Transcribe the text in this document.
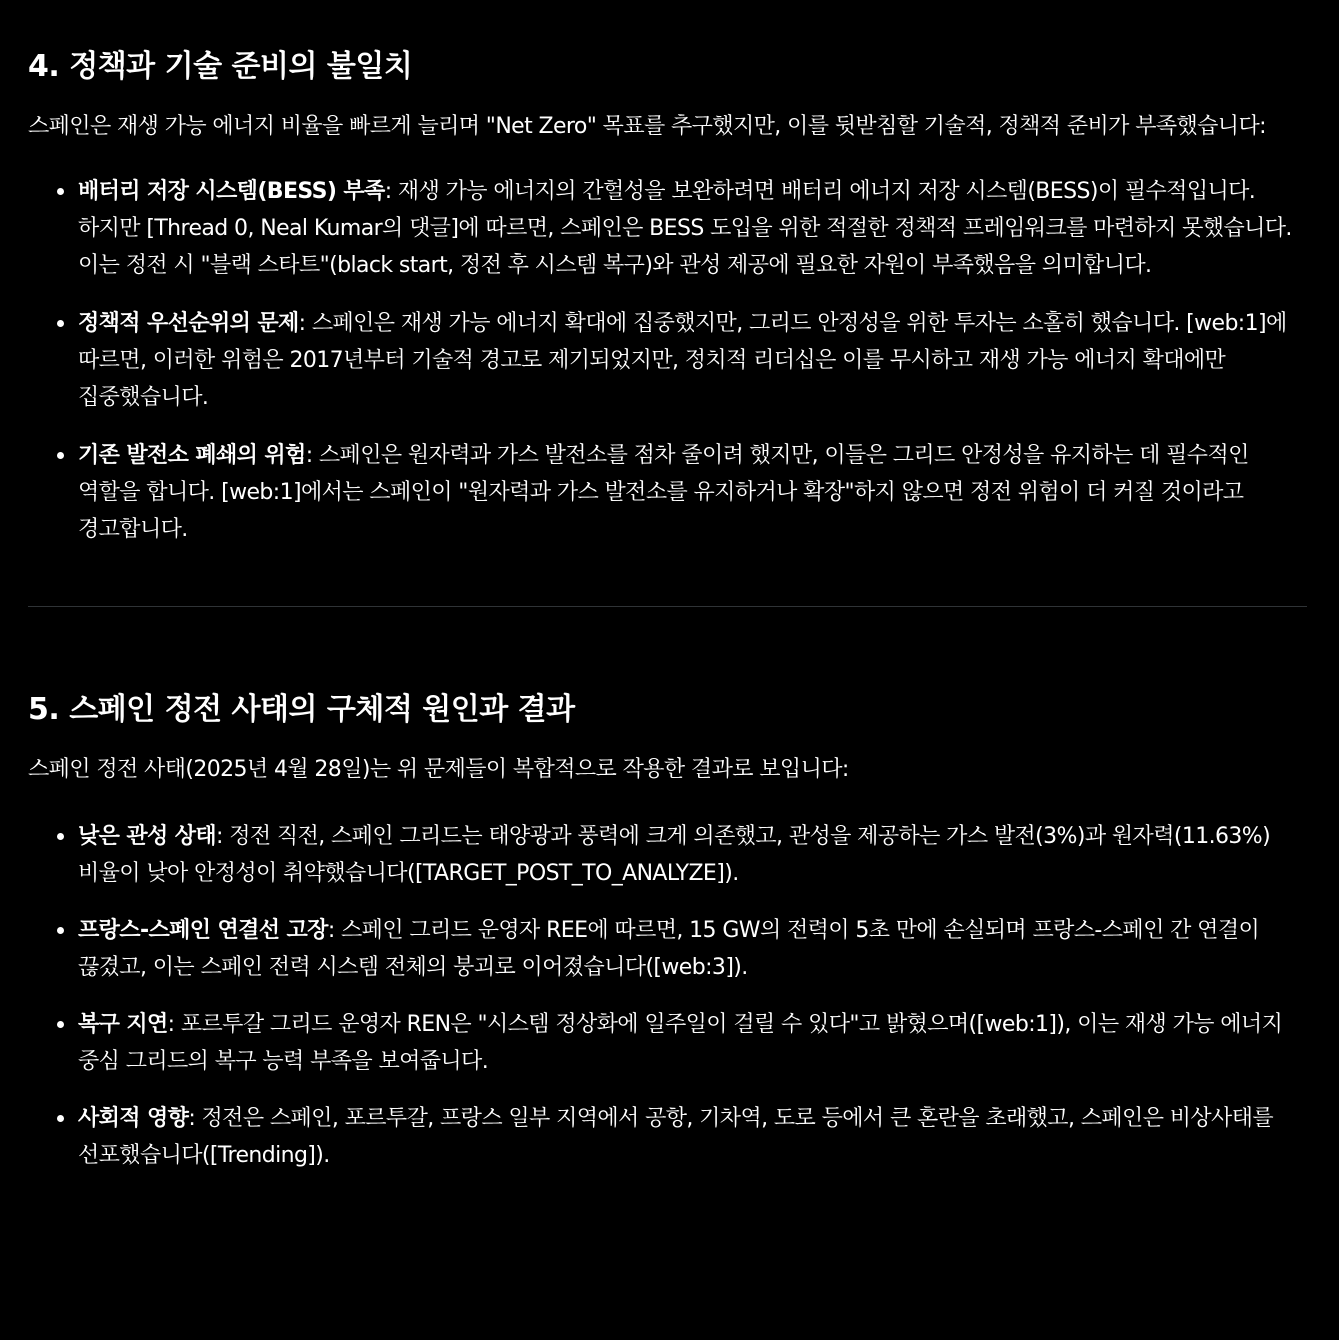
4. 정책과 기술 준비의 불일치

스페인은 재생 가능 에너지 비율을 빠르게 늘리며 "Net Zero" 목표를 추구했지만, 이를 뒷받침할 기술적, 정책적 준비가 부족했습니다:

배터리 저장 시스템(BESS) 부족: 재생 가능 에너지의 간헐성을 보완하려면 배터리 에너지 저장 시스템(BESS)이 필수적입니다. 하지만 [Thread 0, Neal Kumar의 댓글]에 따르면, 스페인은 BESS 도입을 위한 적절한 정책적 프레임워크를 마련하지 못했습니다. 이는 정전 시 "블랙 스타트"(black start, 정전 후 시스템 복구)와 관성 제공에 필요한 자원이 부족했음을 의미합니다.
정책적 우선순위의 문제: 스페인은 재생 가능 에너지 확대에 집중했지만, 그리드 안정성을 위한 투자는 소홀히 했습니다. [web:1]에 따르면, 이러한 위험은 2017년부터 기술적 경고로 제기되었지만, 정치적 리더십은 이를 무시하고 재생 가능 에너지 확대에만 집중했습니다.
기존 발전소 폐쇄의 위험: 스페인은 원자력과 가스 발전소를 점차 줄이려 했지만, 이들은 그리드 안정성을 유지하는 데 필수적인 역할을 합니다. [web:1]에서는 스페인이 "원자력과 가스 발전소를 유지하거나 확장"하지 않으면 정전 위험이 더 커질 것이라고 경고합니다.
5. 스페인 정전 사태의 구체적 원인과 결과

스페인 정전 사태(2025년 4월 28일)는 위 문제들이 복합적으로 작용한 결과로 보입니다:

낮은 관성 상태: 정전 직전, 스페인 그리드는 태양광과 풍력에 크게 의존했고, 관성을 제공하는 가스 발전(3%)과 원자력(11.63%) 비율이 낮아 안정성이 취약했습니다([TARGET_POST_TO_ANALYZE]).
프랑스-스페인 연결선 고장: 스페인 그리드 운영자 REE에 따르면, 15 GW의 전력이 5초 만에 손실되며 프랑스-스페인 간 연결이 끊겼고, 이는 스페인 전력 시스템 전체의 붕괴로 이어졌습니다([web:3]).
복구 지연: 포르투갈 그리드 운영자 REN은 "시스템 정상화에 일주일이 걸릴 수 있다"고 밝혔으며([web:1]), 이는 재생 가능 에너지 중심 그리드의 복구 능력 부족을 보여줍니다.
사회적 영향: 정전은 스페인, 포르투갈, 프랑스 일부 지역에서 공항, 기차역, 도로 등에서 큰 혼란을 초래했고, 스페인은 비상사태를 선포했습니다([Trending]).
